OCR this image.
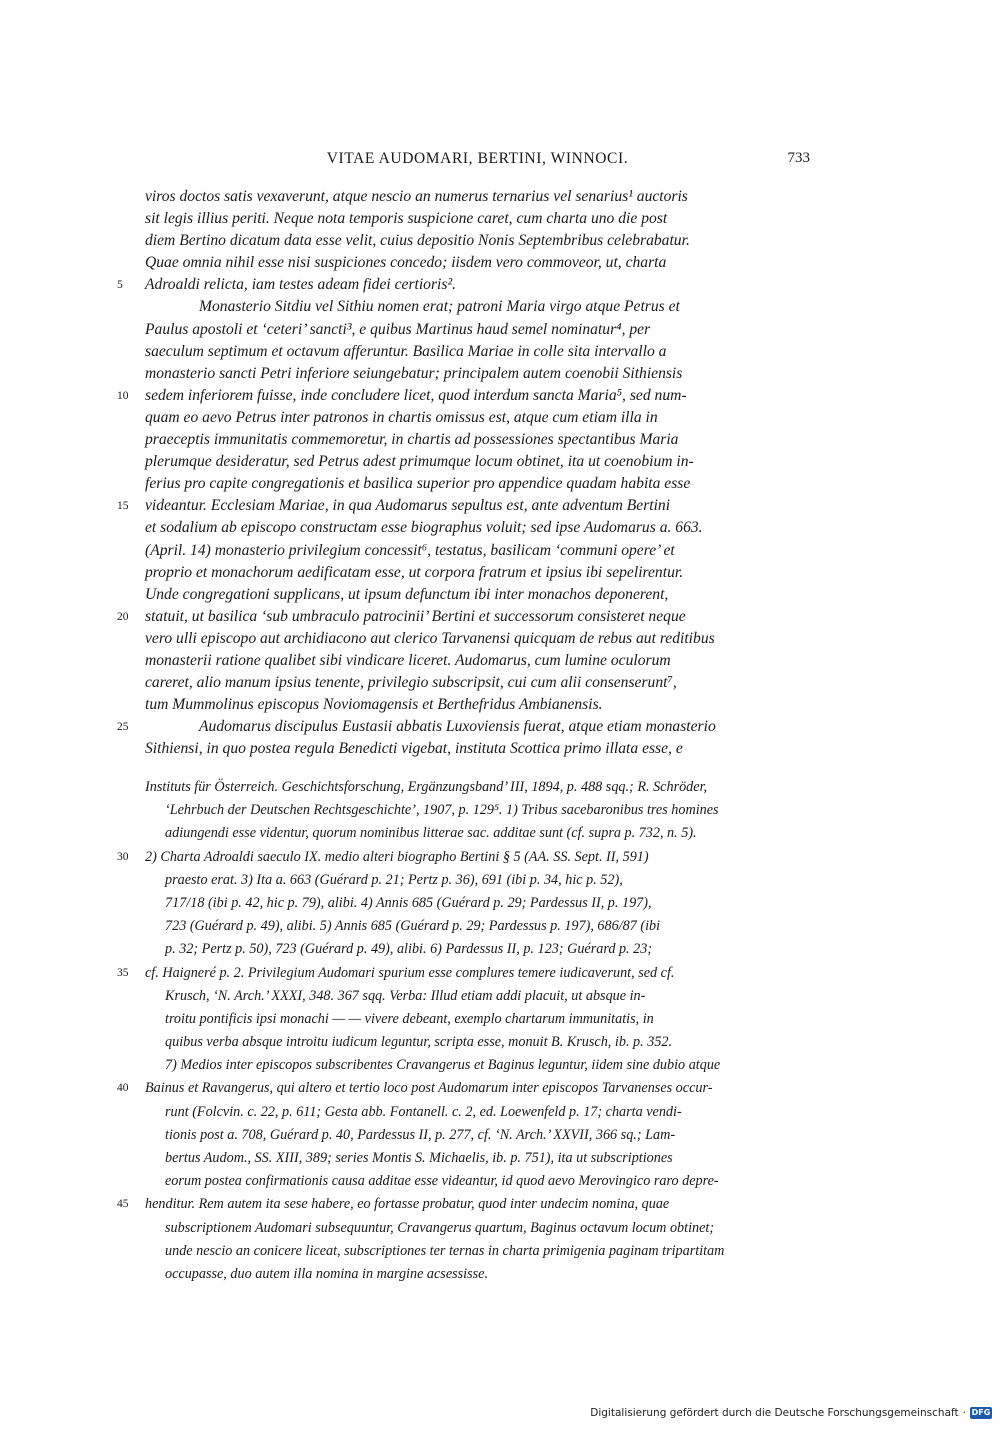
VITAE AUDOMARI, BERTINI, WINNOCI.	733
viros doctos satis vexaverunt, atque nescio an numerus ternarius vel senarius¹ auctoris
sit legis illius periti. Neque nota temporis suspicione caret, cum charta uno die post
diem Bertino dicatum data esse velit, cuius depositio Nonis Septembribus celebrabatur.
Quae omnia nihil esse nisi suspiciones concedo; iisdem vero commoveor, ut, charta
5	Adroaldi relicta, iam testes adeam fidei certioris².
Monasterio Sitdiu vel Sithiu nomen erat; patroni Maria virgo atque Petrus et
Paulus apostoli et ‘ceteri’ sancti³, e quibus Martinus haud semel nominatur⁴, per
saeculum septimum et octavum afferuntur. Basilica Mariae in colle sita intervallo a
monasterio sancti Petri inferiore seiungebatur; principalem autem coenobii Sithiensis
10	sedem inferiorem fuisse, inde concludere licet, quod interdum sancta Maria⁵, sed num-
quam eo aevo Petrus inter patronos in chartis omissus est, atque cum etiam illa in
praeceptis immunitatis commemoretur, in chartis ad possessiones spectantibus Maria
plerumque desideratur, sed Petrus adest primumque locum obtinet, ita ut coenobium in-
ferius pro capite congregationis et basilica superior pro appendice quadam habita esse
15	videantur. Ecclesiam Mariae, in qua Audomarus sepultus est, ante adventum Bertini
et sodalium ab episcopo constructam esse biographus voluit; sed ipse Audomarus a. 663.
(April. 14) monasterio privilegium concessit⁶, testatus, basilicam ‘communi opere’ et
proprio et monachorum aedificatam esse, ut corpora fratrum et ipsius ibi sepelirentur.
Unde congregationi supplicans, ut ipsum defunctum ibi inter monachos deponerent,
20	statuit, ut basilica ‘sub umbraculo patrocinii’ Bertini et successorum consisteret neque
vero ulli episcopo aut archidiacono aut clerico Tarvanensi quicquam de rebus aut reditibus
monasterii ratione qualibet sibi vindicare liceret. Audomarus, cum lumine oculorum
careret, alio manum ipsius tenente, privilegio subscripsit, cui cum alii consenserunt⁷,
tum Mummolinus episcopus Noviomagensis et Berthefridus Ambianensis.
25	Audomarus discipulus Eustasii abbatis Luxoviensis fuerat, atque etiam monasterio
Sithiensi, in quo postea regula Benedicti vigebat, instituta Scottica primo illata esse, e
Instituts für Österreich. Geschichtsforschung, Ergänzungsband’ III, 1894, p. 488 sqq.; R. Schröder,
‘Lehrbuch der Deutschen Rechtsgeschichte’, 1907, p. 129⁵. 1) Tribus sacebaronibus tres homines
adiungendi esse videntur, quorum nominibus litterae sac. additae sunt (cf. supra p. 732, n. 5).
30	2) Charta Adroaldi saeculo IX. medio alteri biographo Bertini § 5 (AA. SS. Sept. II, 591)
praesto erat. 3) Ita a. 663 (Guérard p. 21; Pertz p. 36), 691 (ibi p. 34, hic p. 52),
717/18 (ibi p. 42, hic p. 79), alibi. 4) Annis 685 (Guérard p. 29; Pardessus II, p. 197),
723 (Guérard p. 49), alibi. 5) Annis 685 (Guérard p. 29; Pardessus p. 197), 686/87 (ibi
p. 32; Pertz p. 50), 723 (Guérard p. 49), alibi. 6) Pardessus II, p. 123; Guérard p. 23;
35	cf. Haigneré p. 2. Privilegium Audomari spurium esse complures temere iudicaverunt, sed cf.
Krusch, ‘N. Arch.’ XXXI, 348. 367 sqq. Verba: Illud etiam addi placuit, ut absque in-
troitu pontificis ipsi monachi — — vivere debeant, exemplo chartarum immunitatis, in
quibus verba absque introitu iudicum leguntur, scripta esse, monuit B. Krusch, ib. p. 352.
7) Medios inter episcopos subscribentes Cravangerus et Baginus leguntur, iidem sine dubio atque
40	Bainus et Ravangerus, qui altero et tertio loco post Audomarum inter episcopos Tarvanenses occur-
runt (Folcvin. c. 22, p. 611; Gesta abb. Fontanell. c. 2, ed. Loewenfeld p. 17; charta vendi-
tionis post a. 708, Guérard p. 40, Pardessus II, p. 277, cf. ‘N. Arch.’ XXVII, 366 sq.; Lam-
bertus Audom., SS. XIII, 389; series Montis S. Michaelis, ib. p. 751), ita ut subscriptiones
eorum postea confirmationis causa additae esse videantur, id quod aevo Merovingico raro depre-
45	henditur. Rem autem ita sese habere, eo fortasse probatur, quod inter undecim nomina, quae
subscriptionem Audomari subsequuntur, Cravangerus quartum, Baginus octavum locum obtinet;
unde nescio an conicere liceat, subscriptiones ter ternas in charta primigenia paginam tripartitam
occupasse, duo autem illa nomina in margine acsessisse.
Digitalisierung gefördert durch die Deutsche Forschungsgemeinschaft · DFG
